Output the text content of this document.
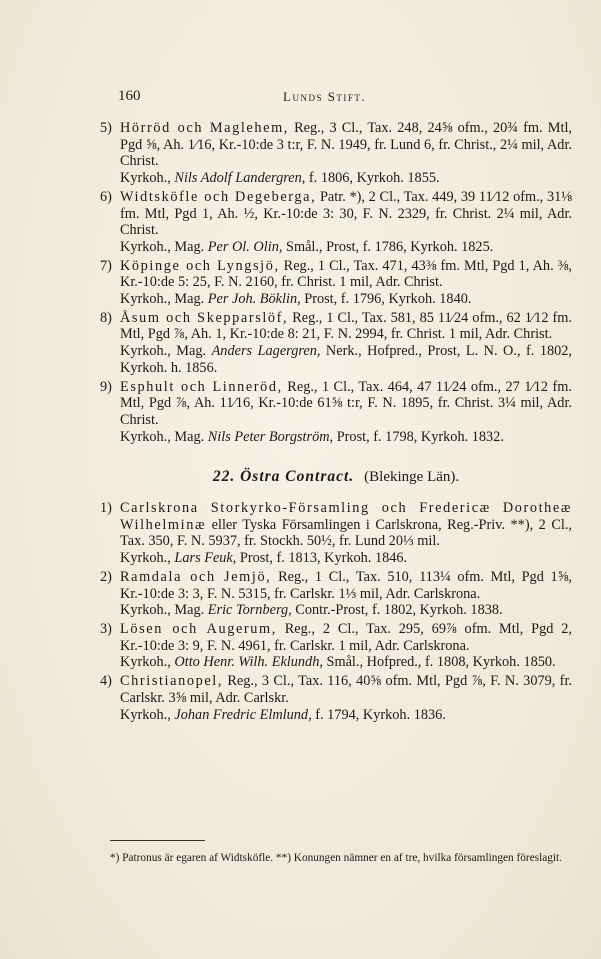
160	Lunds Stift.
5) Hörröd och Maglehem, Reg., 3 Cl., Tax. 248, 24⅝ ofm., 20¾ fm. Mtl, Pgd ⅝, Ah. 1⁄16, Kr.-10:de 3 t:r, F. N. 1949, fr. Lund 6, fr. Christ., 2¼ mil, Adr. Christ.
Kyrkoh., Nils Adolf Landergren, f. 1806, Kyrkoh. 1855.
6) Widtsköfle och Degeberga, Patr. *), 2 Cl., Tax. 449, 39 11⁄12 ofm., 31⅛ fm. Mtl, Pgd 1, Ah. ½, Kr.-10:de 3: 30, F. N. 2329, fr. Christ. 2¼ mil, Adr. Christ.
Kyrkoh., Mag. Per Ol. Olin, Smål., Prost, f. 1786, Kyrkoh. 1825.
7) Köpinge och Lyngsjö, Reg., 1 Cl., Tax. 471, 43⅜ fm. Mtl, Pgd 1, Ah. ⅜, Kr.-10:de 5: 25, F. N. 2160, fr. Christ. 1 mil, Adr. Christ.
Kyrkoh., Mag. Per Joh. Böklin, Prost, f. 1796, Kyrkoh. 1840.
8) Åsum och Skepparslöf, Reg., 1 Cl., Tax. 581, 85 11⁄24 ofm., 62 1⁄12 fm. Mtl, Pgd ⅞, Ah. 1, Kr.-10:de 8: 21, F. N. 2994, fr. Christ. 1 mil, Adr. Christ.
Kyrkoh., Mag. Anders Lagergren, Nerk., Hofpred., Prost, L. N. O., f. 1802, Kyrkoh. h. 1856.
9) Esphult och Linneröd, Reg., 1 Cl., Tax. 464, 47 11⁄24 ofm., 27 1⁄12 fm. Mtl, Pgd ⅞, Ah. 11⁄16, Kr.-10:de 61⅝ t:r, F. N. 1895, fr. Christ. 3¼ mil, Adr. Christ.
Kyrkoh., Mag. Nils Peter Borgström, Prost, f. 1798, Kyrkoh. 1832.
22. Östra Contract. (Blekinge Län).
1) Carlskrona Storkyrko-Församling och Fredericæ Dorotheæ Wilhelminæ eller Tyska Församlingen i Carlskrona, Reg.-Priv. **), 2 Cl., Tax. 350, F. N. 5937, fr. Stockh. 50½, fr. Lund 20⅓ mil.
Kyrkoh., Lars Feuk, Prost, f. 1813, Kyrkoh. 1846.
2) Ramdala och Jemjö, Reg., 1 Cl., Tax. 510, 113¼ ofm. Mtl, Pgd 1⅝, Kr.-10:de 3: 3, F. N. 5315, fr. Carlskr. 1⅓ mil, Adr. Carlskrona.
Kyrkoh., Mag. Eric Tornberg, Contr.-Prost, f. 1802, Kyrkoh. 1838.
3) Lösen och Augerum, Reg., 2 Cl., Tax. 295, 69⅞ ofm. Mtl, Pgd 2, Kr.-10:de 3: 9, F. N. 4961, fr. Carlskr. 1 mil, Adr. Carlskrona.
Kyrkoh., Otto Henr. Wilh. Eklundh, Smål., Hofpred., f. 1808, Kyrkoh. 1850.
4) Christianopel, Reg., 3 Cl., Tax. 116, 40⅝ ofm. Mtl, Pgd ⅞, F. N. 3079, fr. Carlskr. 3⅝ mil, Adr. Carlskr.
Kyrkoh., Johan Fredric Elmlund, f. 1794, Kyrkoh. 1836.
*) Patronus är egaren af Widtsköfle. **) Konungen nämner en af tre, hvilka församlingen föreslagit.
